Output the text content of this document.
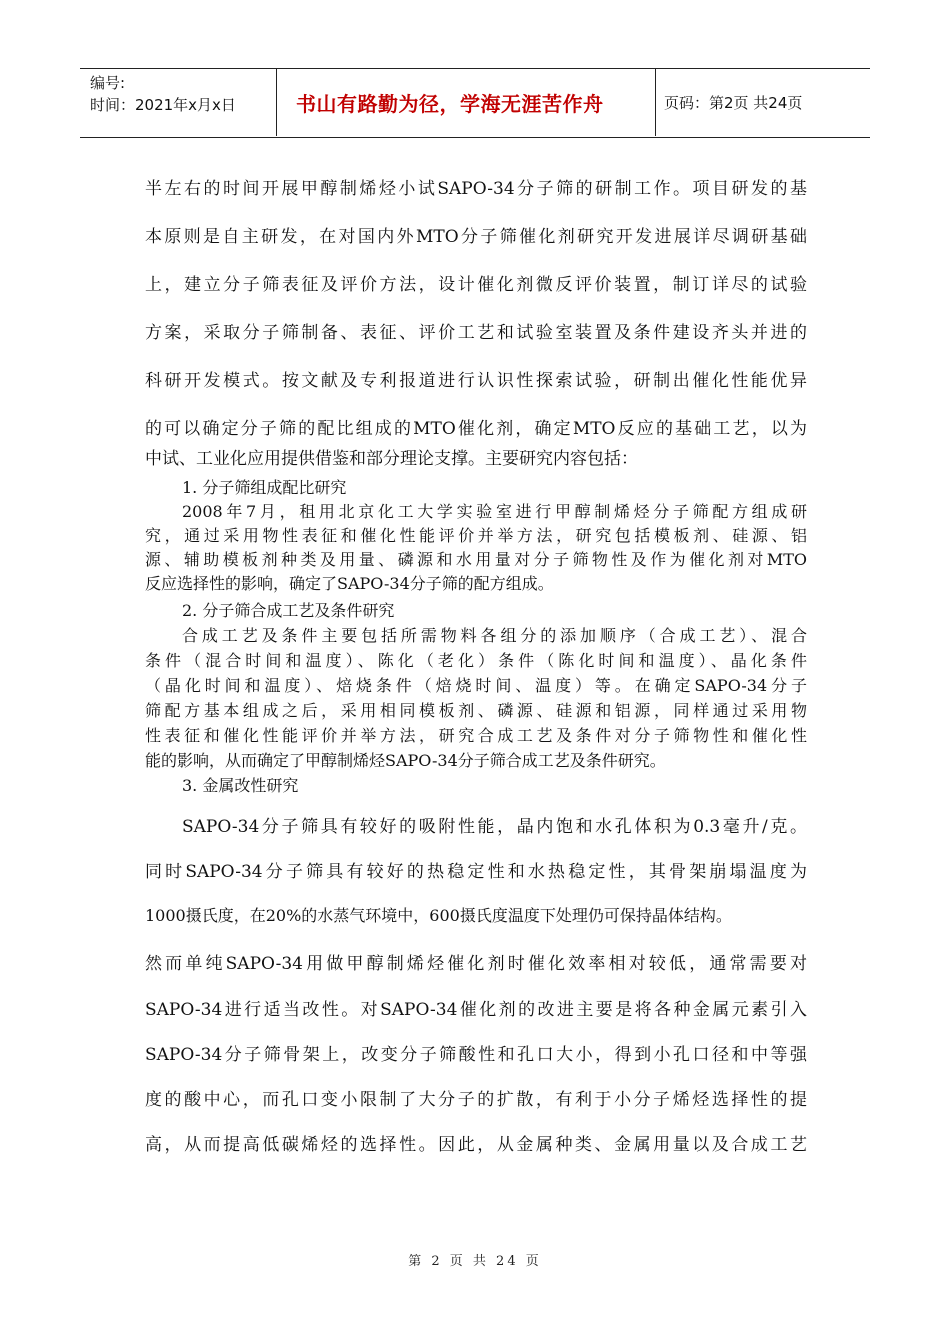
编号:
时间：2021年x月x日	书山有路勤为径，学海无涯苦作舟	页码：第2页 共24页
半左右的时间开展甲醇制烯烃小试SAPO-34分子筛的研制工作。项目研发的基
本原则是自主研发，在对国内外MTO分子筛催化剂研究开发进展详尽调研基础
上，建立分子筛表征及评价方法，设计催化剂微反评价装置，制订详尽的试验
方案，采取分子筛制备、表征、评价工艺和试验室装置及条件建设齐头并进的
科研开发模式。按文献及专利报道进行认识性探索试验，研制出催化性能优异
的可以确定分子筛的配比组成的MTO催化剂，确定MTO反应的基础工艺，以为
中试、工业化应用提供借鉴和部分理论支撑。主要研究内容包括：
1. 分子筛组成配比研究
2008年7月，租用北京化工大学实验室进行甲醇制烯烃分子筛配方组成研
究，通过采用物性表征和催化性能评价并举方法，研究包括模板剂、硅源、铝
源、辅助模板剂种类及用量、磷源和水用量对分子筛物性及作为催化剂对MTO
反应选择性的影响，确定了SAPO-34分子筛的配方组成。
2. 分子筛合成工艺及条件研究
合成工艺及条件主要包括所需物料各组分的添加顺序（合成工艺）、混合
条件（混合时间和温度）、陈化（老化）条件（陈化时间和温度）、晶化条件
（晶化时间和温度）、焙烧条件（焙烧时间、温度）等。在确定SAPO-34分子
筛配方基本组成之后，采用相同模板剂、磷源、硅源和铝源，同样通过采用物
性表征和催化性能评价并举方法，研究合成工艺及条件对分子筛物性和催化性
能的影响，从而确定了甲醇制烯烃SAPO-34分子筛合成工艺及条件研究。
3. 金属改性研究
SAPO-34分子筛具有较好的吸附性能，晶内饱和水孔体积为0.3毫升/克。
同时SAPO-34分子筛具有较好的热稳定性和水热稳定性，其骨架崩塌温度为
1000摄氏度，在20%的水蒸气环境中，600摄氏度温度下处理仍可保持晶体结构。
然而单纯SAPO-34用做甲醇制烯烃催化剂时催化效率相对较低，通常需要对
SAPO-34进行适当改性。对SAPO-34催化剂的改进主要是将各种金属元素引入
SAPO-34分子筛骨架上，改变分子筛酸性和孔口大小，得到小孔口径和中等强
度的酸中心，而孔口变小限制了大分子的扩散，有利于小分子烯烃选择性的提
高，从而提高低碳烯烃的选择性。因此，从金属种类、金属用量以及合成工艺
第 2 页 共 24 页
